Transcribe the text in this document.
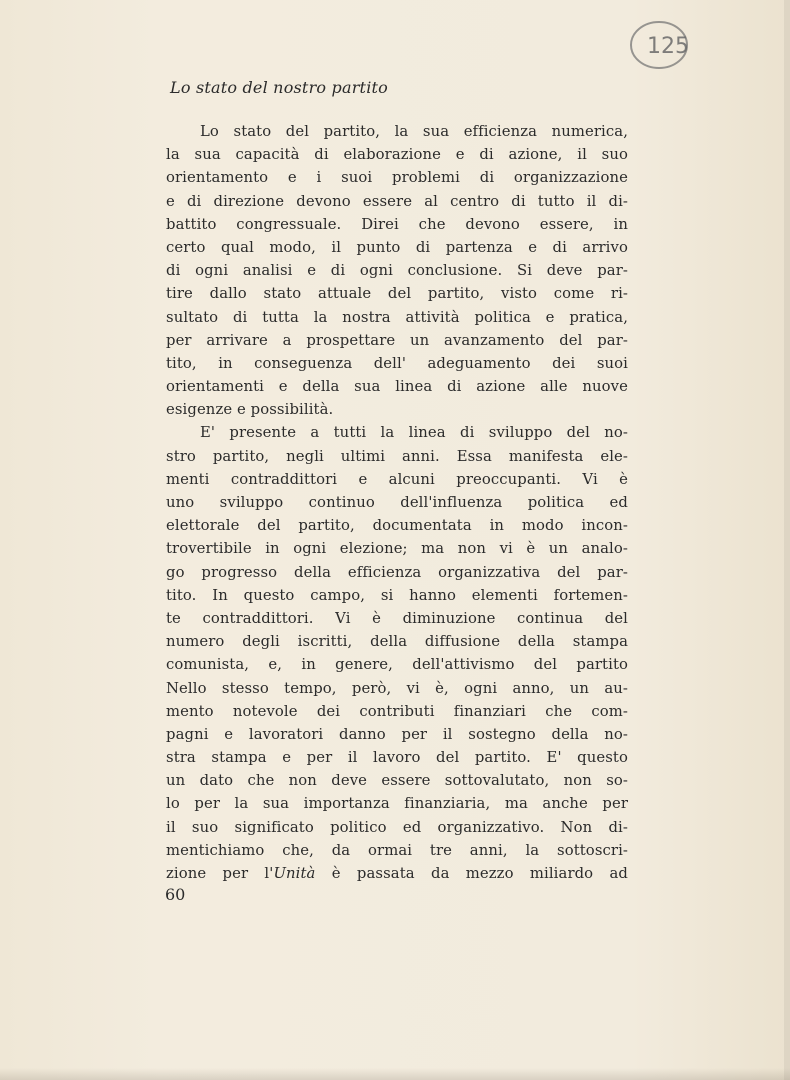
125
Lo stato del nostro partito
Lo stato del partito, la sua efficienza numerica,
la sua capacità di elaborazione e di azione, il suo
orientamento e i suoi problemi di organizzazione
e di direzione devono essere al centro di tutto il di-
battito congressuale. Direi che devono essere, in
certo qual modo, il punto di partenza e di arrivo
di ogni analisi e di ogni conclusione. Si deve par-
tire dallo stato attuale del partito, visto come ri-
sultato di tutta la nostra attività politica e pratica,
per arrivare a prospettare un avanzamento del par-
tito, in conseguenza dell' adeguamento dei suoi
orientamenti e della sua linea di azione alle nuove
esigenze e possibilità.
E' presente a tutti la linea di sviluppo del no-
stro partito, negli ultimi anni. Essa manifesta ele-
menti contraddittori e alcuni preoccupanti. Vi è
uno sviluppo continuo dell'influenza politica ed
elettorale del partito, documentata in modo incon-
trovertibile in ogni elezione; ma non vi è un analo-
go progresso della efficienza organizzativa del par-
tito. In questo campo, si hanno elementi fortemen-
te contraddittori. Vi è diminuzione continua del
numero degli iscritti, della diffusione della stampa
comunista, e, in genere, dell'attivismo del partito
Nello stesso tempo, però, vi è, ogni anno, un au-
mento notevole dei contributi finanziari che com-
pagni e lavoratori danno per il sostegno della no-
stra stampa e per il lavoro del partito. E' questo
un dato che non deve essere sottovalutato, non so-
lo per la sua importanza finanziaria, ma anche per
il suo significato politico ed organizzativo. Non di-
mentichiamo che, da ormai tre anni, la sottoscri-
zione per l'Unità è passata da mezzo miliardo ad
60
